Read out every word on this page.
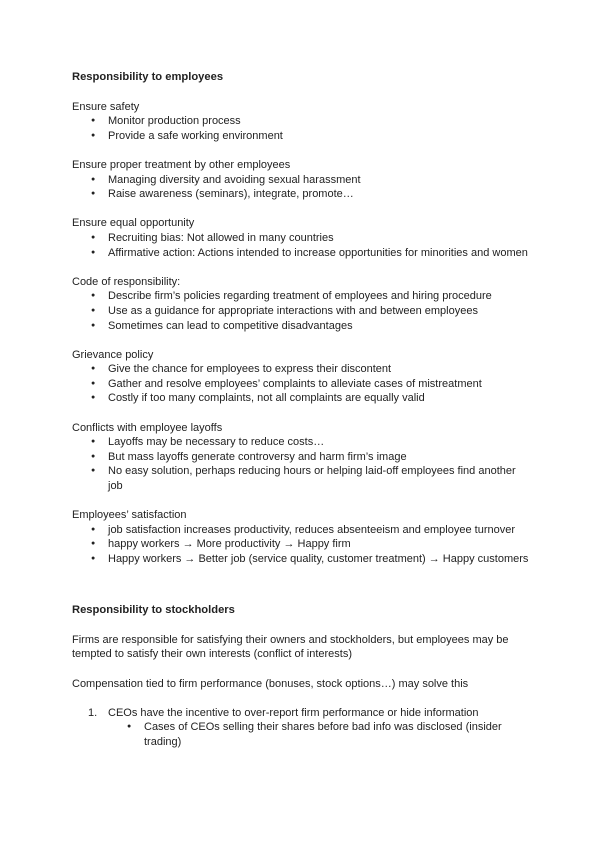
Responsibility to employees

Ensure safety

● Monitor production process
● Provide a safe working environment

Ensure proper treatment by other employees

● Managing diversity and avoiding sexual harassment
● Raise awareness (seminars), integrate, promote…

Ensure equal opportunity

● Recruiting bias: Not allowed in many countries
● Affirmative action: Actions intended to increase opportunities for minorities and women

Code of responsibility:

● Describe firm’s policies regarding treatment of employees and hiring procedure
● Use as a guidance for appropriate interactions with and between employees
● Sometimes can lead to competitive disadvantages

Grievance policy

● Give the chance for employees to express their discontent
● Gather and resolve employees’ complaints to alleviate cases of mistreatment
● Costly if too many complaints, not all complaints are equally valid

Conflicts with employee layoffs

● Layoffs may be necessary to reduce costs…
● But mass layoffs generate controversy and harm firm’s image
● No easy solution, perhaps reducing hours or helping laid-off employees find another job

Employees’ satisfaction

● job satisfaction increases productivity, reduces absenteeism and employee turnover
● happy workers → More productivity → Happy firm
● Happy workers → Better job (service quality, customer treatment) → Happy customers
Responsibility to stockholders

Firms are responsible for satisfying their owners and stockholders, but employees may be tempted to satisfy their own interests (conflict of interests)

Compensation tied to firm performance (bonuses, stock options…) may solve this

1. CEOs have the incentive to over-report firm performance or hide information
● Cases of CEOs selling their shares before bad info was disclosed (insider trading)
